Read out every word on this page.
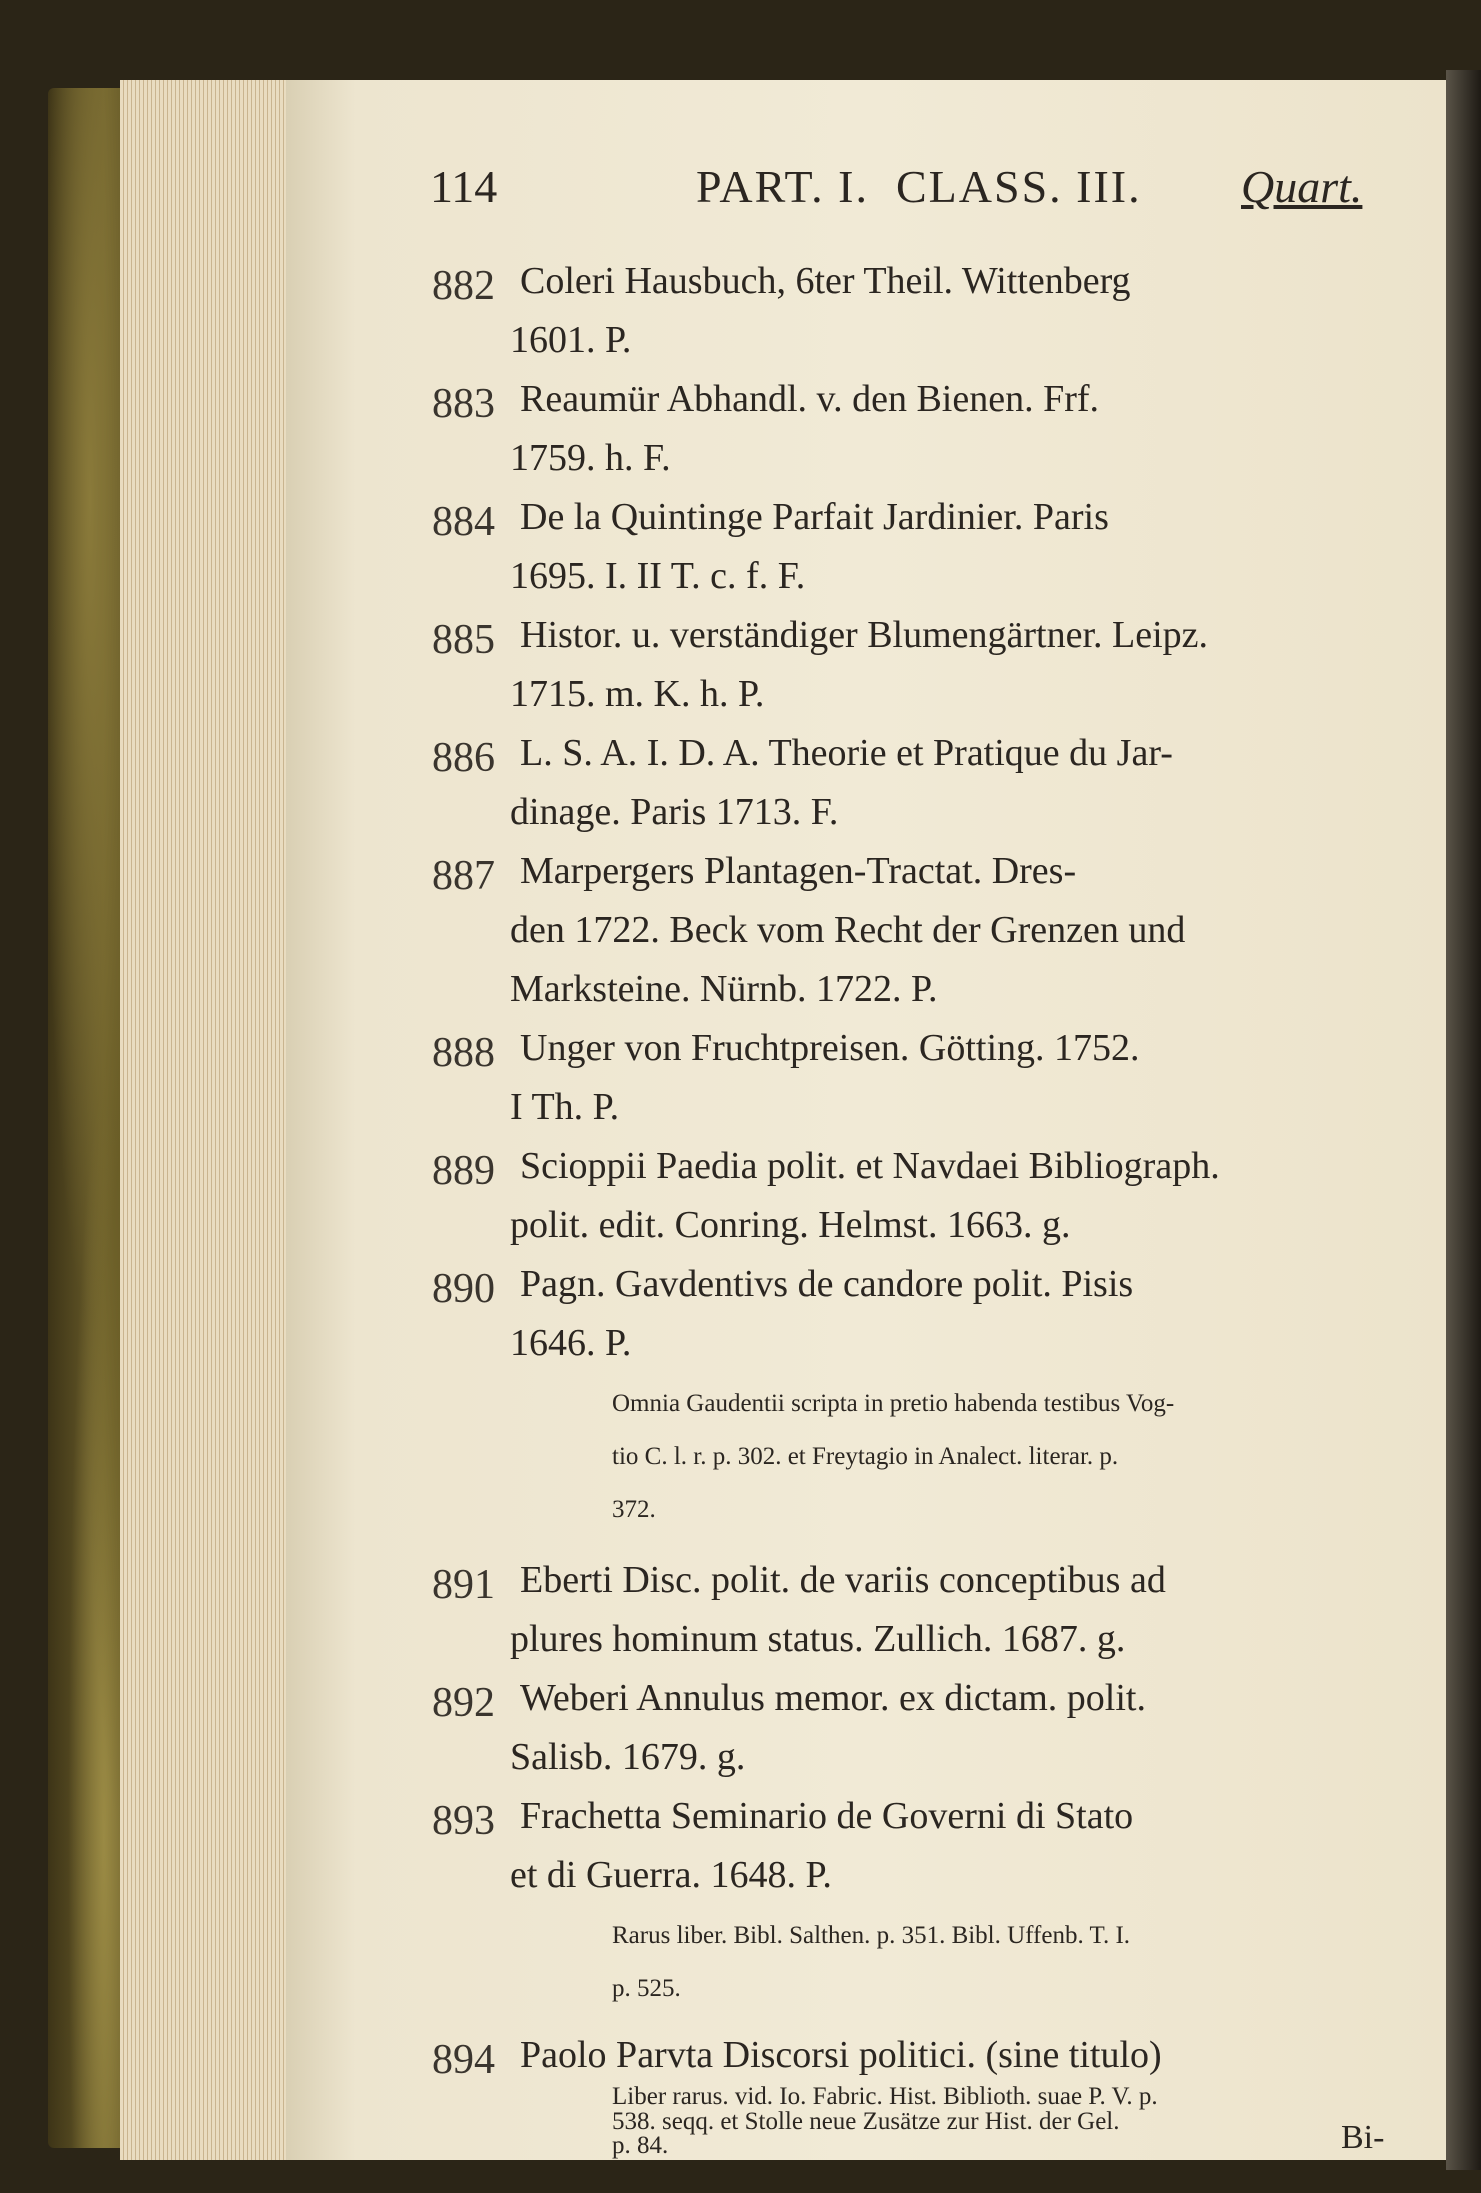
114	PART. I. CLASS. III. Quart.
882 Coleri Hausbuch, 6ter Theil. Wittenberg
1601. P.
883 Reaumür Abhandl. v. den Bienen. Frf.
1759. h. F.
884 De la Quintinge Parfait Jardinier. Paris
1695. I. II T. c. f. F.
885 Histor. u. verständiger Blumengärtner. Leipz.
1715. m. K. h. P.
886 L. S. A. I. D. A. Theorie et Pratique du Jar-
dinage. Paris 1713. F.
887 Marpergers Plantagen-Tractat. Dres-
den 1722. Beck vom Recht der Grenzen und
Marksteine. Nürnb. 1722. P.
888 Unger von Fruchtpreisen. Götting. 1752.
I Th. P.
889 Scioppii Paedia polit. et Navdaei Bibliograph.
polit. edit. Conring. Helmst. 1663. g.
890 Pagn. Gavdentivs de candore polit. Pisis
1646. P.
Omnia Gaudentii scripta in pretio habenda testibus Vog-
tio C. l. r. p. 302. et Freytagio in Analect. literar. p.
372.
891 Eberti Disc. polit. de variis conceptibus ad
plures hominum status. Zullich. 1687. g.
892 Weberi Annulus memor. ex dictam. polit.
Salisb. 1679. g.
893 Frachetta Seminario de Governi di Stato
et di Guerra. 1648. P.
Rarus liber. Bibl. Salthen. p. 351. Bibl. Uffenb. T. I.
p. 525.
894 Paolo Parvta Discorsi politici. (sine titulo)
Liber rarus. vid. Io. Fabric. Hist. Biblioth. suae P. V. p.
538. seqq. et Stolle neue Zusätze zur Hist. der Gel.
p. 84.	Bi-
